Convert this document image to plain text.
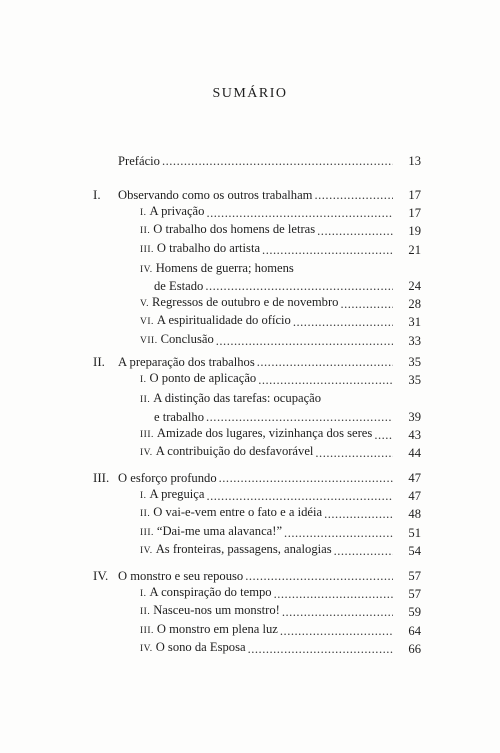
SUMÁRIO
Prefácio .....	13
I. Observando como os outros trabalham .....	17
I. A privação .....	17
II. O trabalho dos homens de letras .....	19
III. O trabalho do artista .....	21
IV. Homens de guerra; homens
de Estado .....	24
V. Regressos de outubro e de novembro .....	28
VI. A espiritualidade do ofício .....	31
VII. Conclusão .....	33
II. A preparação dos trabalhos .....	35
I. O ponto de aplicação .....	35
II. A distinção das tarefas: ocupação
e trabalho .....	39
III. Amizade dos lugares, vizinhança dos seres .....	43
IV. A contribuição do desfavorável .....	44
III. O esforço profundo .....	47
I. A preguiça .....	47
II. O vai-e-vem entre o fato e a idéia .....	48
III. “Dai-me uma alavanca!” .....	51
IV. As fronteiras, passagens, analogias .....	54
IV. O monstro e seu repouso .....	57
I. A conspiração do tempo .....	57
II. Nasceu-nos um monstro! .....	59
III. O monstro em plena luz .....	64
IV. O sono da Esposa .....	66
